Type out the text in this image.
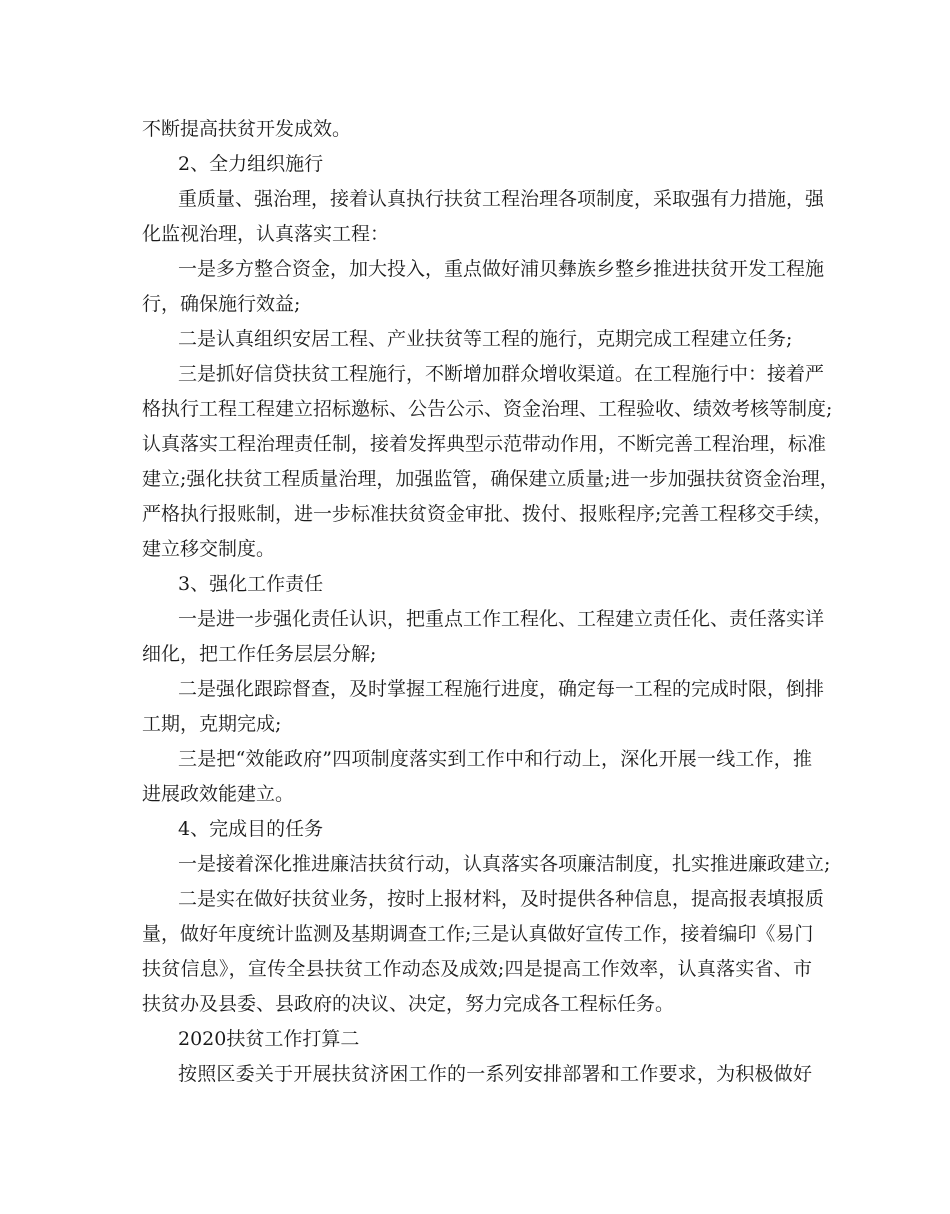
不断提高扶贫开发成效。
2、全力组织施行
重质量、强治理，接着认真执行扶贫工程治理各项制度，采取强有力措施，强
化监视治理，认真落实工程：
一是多方整合资金，加大投入，重点做好浦贝彝族乡整乡推进扶贫开发工程施
行，确保施行效益;
二是认真组织安居工程、产业扶贫等工程的施行，克期完成工程建立任务;
三是抓好信贷扶贫工程施行，不断增加群众增收渠道。在工程施行中：接着严
格执行工程工程建立招标邀标、公告公示、资金治理、工程验收、绩效考核等制度;
认真落实工程治理责任制，接着发挥典型示范带动作用，不断完善工程治理，标准
建立;强化扶贫工程质量治理，加强监管，确保建立质量;进一步加强扶贫资金治理，
严格执行报账制，进一步标准扶贫资金审批、拨付、报账程序;完善工程移交手续，
建立移交制度。
3、强化工作责任
一是进一步强化责任认识，把重点工作工程化、工程建立责任化、责任落实详
细化，把工作任务层层分解;
二是强化跟踪督查，及时掌握工程施行进度，确定每一工程的完成时限，倒排
工期，克期完成;
三是把“效能政府”四项制度落实到工作中和行动上，深化开展一线工作，推
进展政效能建立。
4、完成目的任务
一是接着深化推进廉洁扶贫行动，认真落实各项廉洁制度，扎实推进廉政建立;
二是实在做好扶贫业务，按时上报材料，及时提供各种信息，提高报表填报质
量，做好年度统计监测及基期调查工作;三是认真做好宣传工作，接着编印《易门
扶贫信息》，宣传全县扶贫工作动态及成效;四是提高工作效率，认真落实省、市
扶贫办及县委、县政府的决议、决定，努力完成各工程标任务。
2020扶贫工作打算二
按照区委关于开展扶贫济困工作的一系列安排部署和工作要求，为积极做好
